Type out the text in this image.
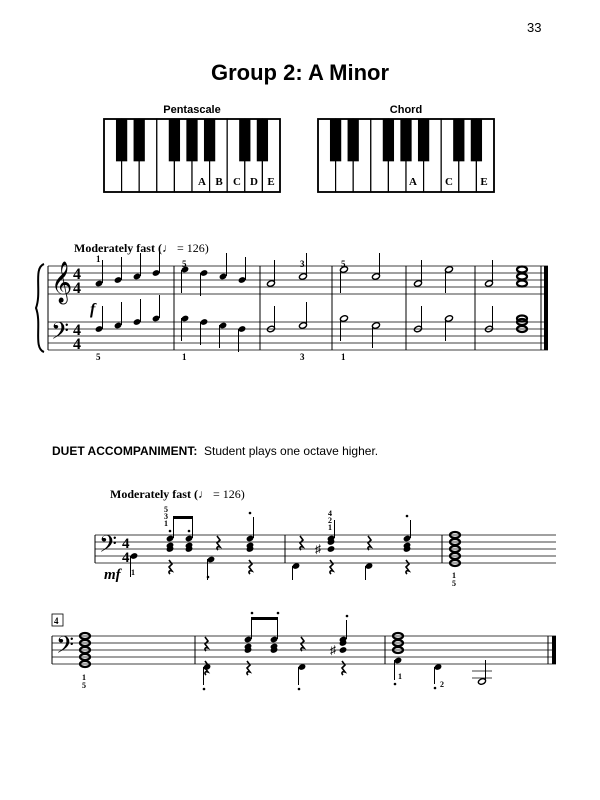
33
Group 2: A Minor
Pentascale	Chord
A B C D E	A	C E
Moderately fast (♩ = 126)
DUET ACCOMPANIMENT: Student plays one octave higher.
Moderately fast (♩ = 126)
𝄞
𝄢
4
4
4
4
f
1	5	3	5
5	1	3	1
𝄢 4
4
mf
♯
5
3
1
4
2
1
1	1
5
4
𝄢	♯
1
5
1
2
